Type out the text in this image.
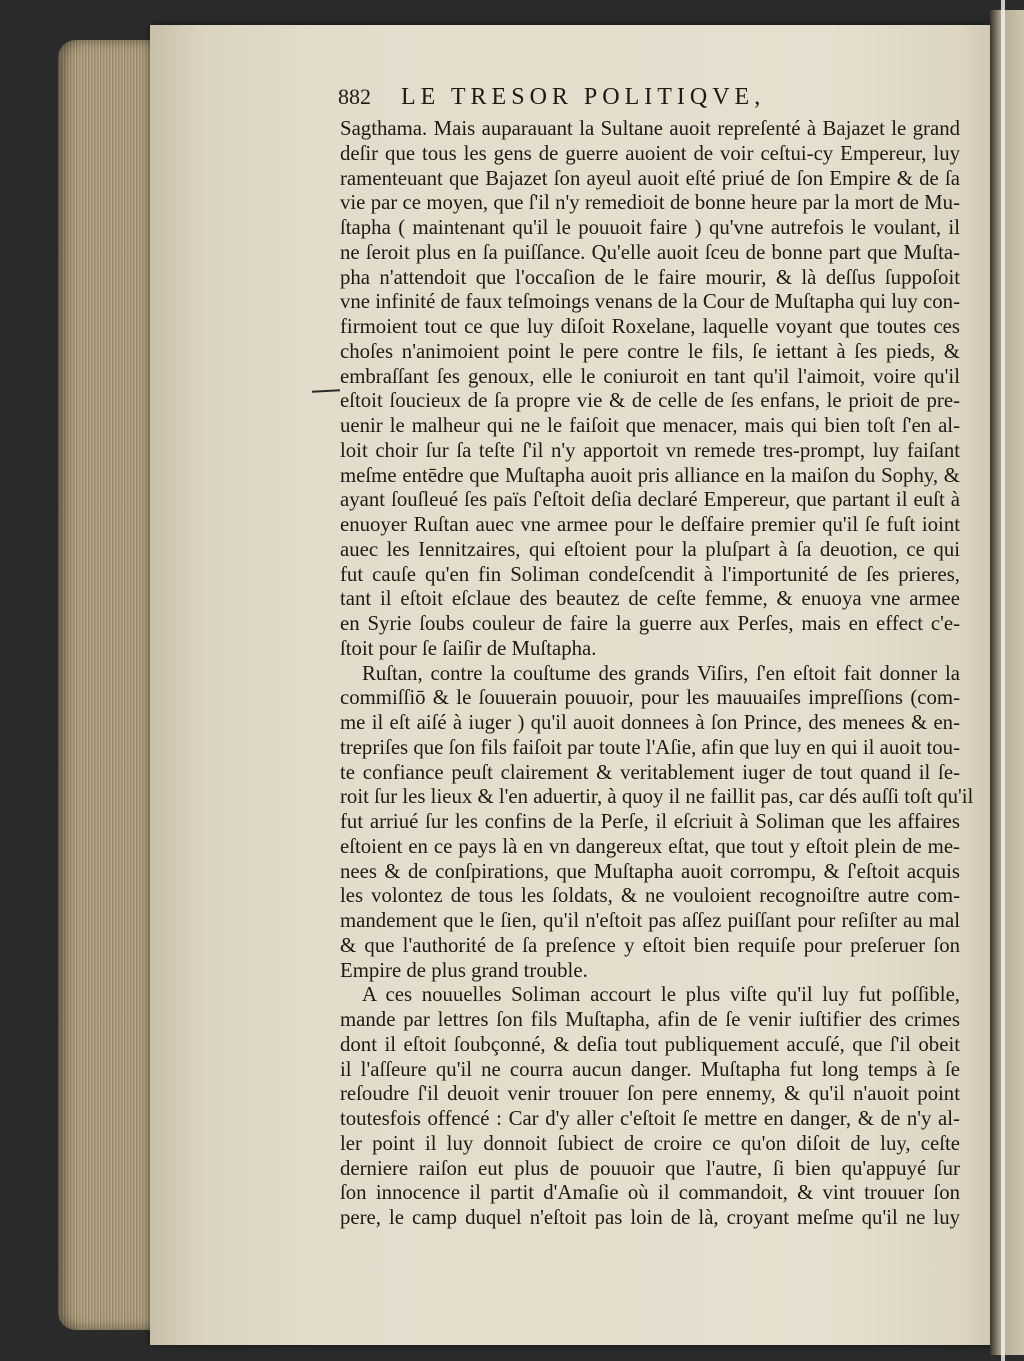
882 LE TRESOR POLITIQVE,
Sagthama. Mais auparauant la Sultane auoit repreſenté à Bajazet le grand
deſir que tous les gens de guerre auoient de voir ceſtui-cy Empereur, luy
ramenteuant que Bajazet ſon ayeul auoit eſté priué de ſon Empire & de ſa
vie par ce moyen, que ſ'il n'y remedioit de bonne heure par la mort de Mu-
ſtapha ( maintenant qu'il le pouuoit faire ) qu'vne autrefois le voulant, il
ne ſeroit plus en ſa puiſſance. Qu'elle auoit ſceu de bonne part que Muſta-
pha n'attendoit que l'occaſion de le faire mourir, & là deſſus ſuppoſoit
vne infinité de faux teſmoings venans de la Cour de Muſtapha qui luy con-
firmoient tout ce que luy diſoit Roxelane, laquelle voyant que toutes ces
choſes n'animoient point le pere contre le fils, ſe iettant à ſes pieds, &
embraſſant ſes genoux, elle le coniuroit en tant qu'il l'aimoit, voire qu'il
eſtoit ſoucieux de ſa propre vie & de celle de ſes enfans, le prioit de pre-
uenir le malheur qui ne le faiſoit que menacer, mais qui bien toſt ſ'en al-
loit choir ſur ſa teſte ſ'il n'y apportoit vn remede tres-prompt, luy faiſant
meſme entēdre que Muſtapha auoit pris alliance en la maiſon du Sophy, &
ayant ſouſleué ſes païs ſ'eſtoit deſia declaré Empereur, que partant il euſt à
enuoyer Ruſtan auec vne armee pour le deſfaire premier qu'il ſe fuſt ioint
auec les Iennitzaires, qui eſtoient pour la pluſpart à ſa deuotion, ce qui
fut cauſe qu'en fin Soliman condeſcendit à l'importunité de ſes prieres,
tant il eſtoit eſclaue des beautez de ceſte femme, & enuoya vne armee
en Syrie ſoubs couleur de faire la guerre aux Perſes, mais en effect c'e-
ſtoit pour ſe ſaiſir de Muſtapha.
Ruſtan, contre la couſtume des grands Viſirs, ſ'en eſtoit fait donner la
commiſſiō & le ſouuerain pouuoir, pour les mauuaiſes impreſſions (com-
me il eſt aiſé à iuger ) qu'il auoit donnees à ſon Prince, des menees & en-
trepriſes que ſon fils faiſoit par toute l'Aſie, afin que luy en qui il auoit tou-
te confiance peuſt clairement & veritablement iuger de tout quand il ſe-
roit ſur les lieux & l'en aduertir, à quoy il ne faillit pas, car dés auſſi toſt qu'il
fut arriué ſur les confins de la Perſe, il eſcriuit à Soliman que les affaires
eſtoient en ce pays là en vn dangereux eſtat, que tout y eſtoit plein de me-
nees & de conſpirations, que Muſtapha auoit corrompu, & ſ'eſtoit acquis
les volontez de tous les ſoldats, & ne vouloient recognoiſtre autre com-
mandement que le ſien, qu'il n'eſtoit pas aſſez puiſſant pour reſiſter au mal
& que l'authorité de ſa preſence y eſtoit bien requiſe pour preſeruer ſon
Empire de plus grand trouble.
A ces nouuelles Soliman accourt le plus viſte qu'il luy fut poſſible,
mande par lettres ſon fils Muſtapha, afin de ſe venir iuſtifier des crimes
dont il eſtoit ſoubçonné, & deſia tout publiquement accuſé, que ſ'il obeit
il l'aſſeure qu'il ne courra aucun danger. Muſtapha fut long temps à ſe
reſoudre ſ'il deuoit venir trouuer ſon pere ennemy, & qu'il n'auoit point
toutesfois offencé : Car d'y aller c'eſtoit ſe mettre en danger, & de n'y al-
ler point il luy donnoit ſubiect de croire ce qu'on diſoit de luy, ceſte
derniere raiſon eut plus de pouuoir que l'autre, ſi bien qu'appuyé ſur
ſon innocence il partit d'Amaſie où il commandoit, & vint trouuer ſon
pere, le camp duquel n'eſtoit pas loin de là, croyant meſme qu'il ne luy
